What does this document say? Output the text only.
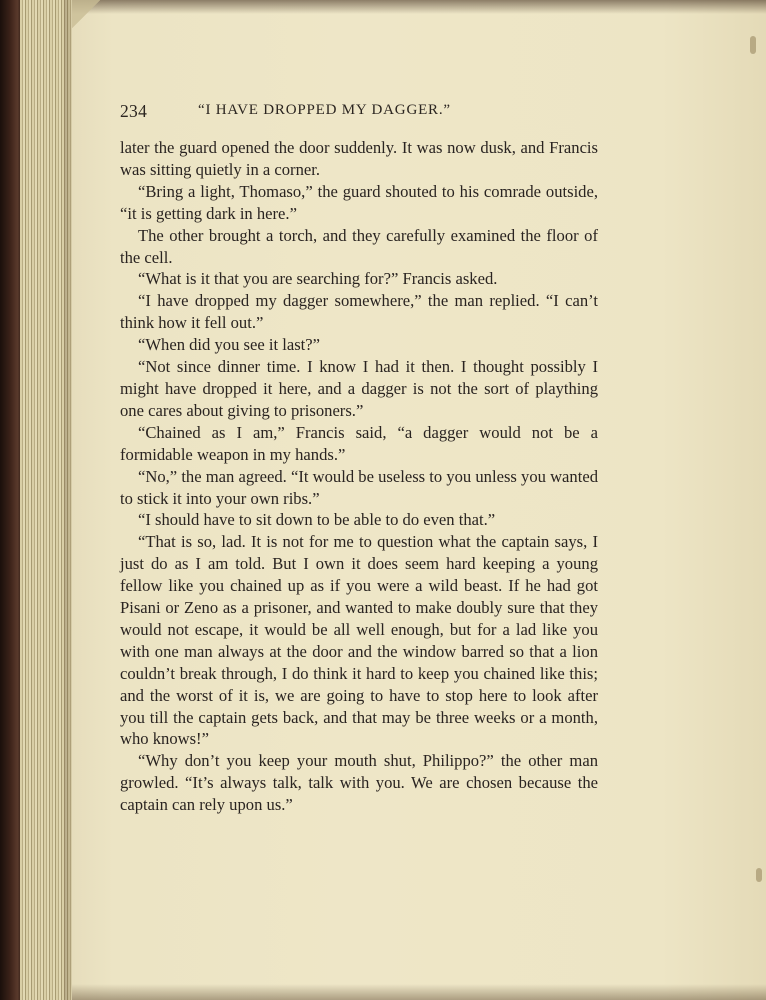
234	“I HAVE DROPPED MY DAGGER.”

later the guard opened the door suddenly. It was now dusk, and Francis was sitting quietly in a corner.

“Bring a light, Thomaso,” the guard shouted to his comrade outside, “it is getting dark in here.”

The other brought a torch, and they carefully examined the floor of the cell.

“What is it that you are searching for?” Francis asked.

“I have dropped my dagger somewhere,” the man replied. “I can’t think how it fell out.”

“When did you see it last?”

“Not since dinner time. I know I had it then. I thought possibly I might have dropped it here, and a dagger is not the sort of plaything one cares about giving to prisoners.”

“Chained as I am,” Francis said, “a dagger would not be a formidable weapon in my hands.”

“No,” the man agreed. “It would be useless to you unless you wanted to stick it into your own ribs.”

“I should have to sit down to be able to do even that.”

“That is so, lad. It is not for me to question what the captain says, I just do as I am told. But I own it does seem hard keeping a young fellow like you chained up as if you were a wild beast. If he had got Pisani or Zeno as a prisoner, and wanted to make doubly sure that they would not escape, it would be all well enough, but for a lad like you with one man always at the door and the window barred so that a lion couldn’t break through, I do think it hard to keep you chained like this; and the worst of it is, we are going to have to stop here to look after you till the captain gets back, and that may be three weeks or a month, who knows!”

“Why don’t you keep your mouth shut, Philippo?” the other man growled. “It’s always talk, talk with you. We are chosen because the captain can rely upon us.”
